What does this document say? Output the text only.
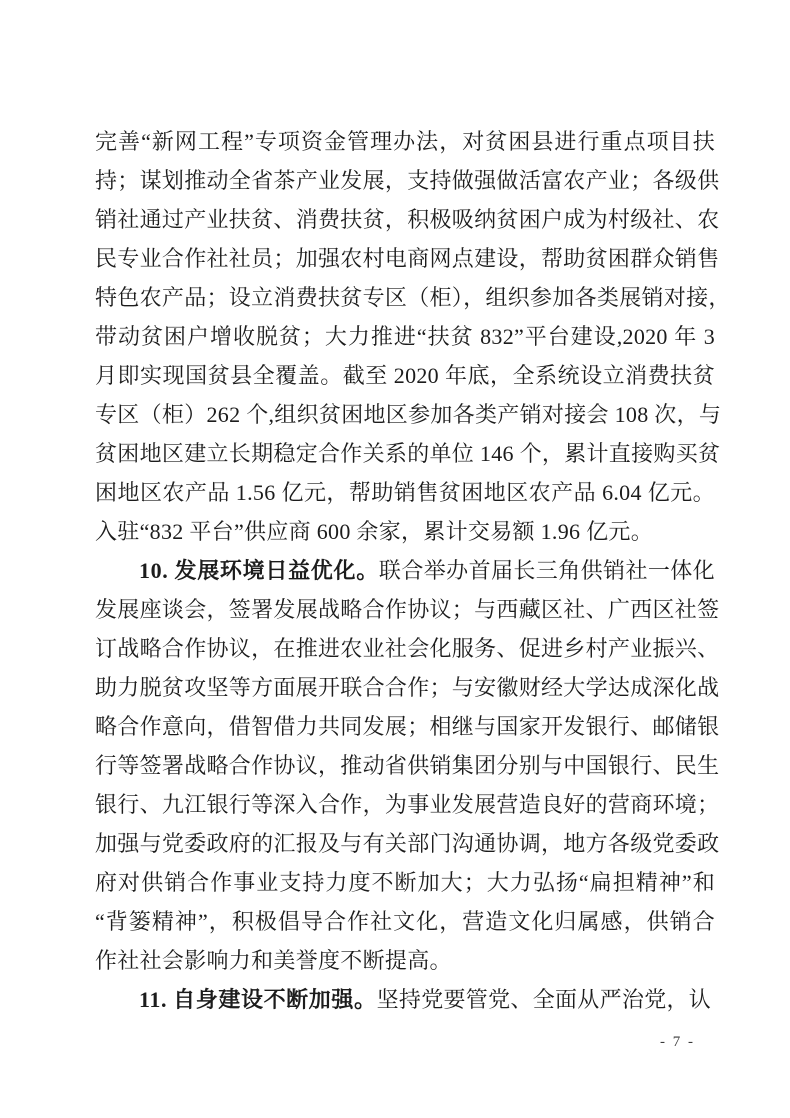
完善“新网工程”专项资金管理办法，对贫困县进行重点项目扶
持；谋划推动全省茶产业发展，支持做强做活富农产业；各级供
销社通过产业扶贫、消费扶贫，积极吸纳贫困户成为村级社、农
民专业合作社社员；加强农村电商网点建设，帮助贫困群众销售
特色农产品；设立消费扶贫专区（柜），组织参加各类展销对接，
带动贫困户增收脱贫；大力推进“扶贫 832”平台建设,2020 年 3
月即实现国贫县全覆盖。截至 2020 年底，全系统设立消费扶贫
专区（柜）262 个,组织贫困地区参加各类产销对接会 108 次，与
贫困地区建立长期稳定合作关系的单位 146 个，累计直接购买贫
困地区农产品 1.56 亿元，帮助销售贫困地区农产品 6.04 亿元。
入驻“832 平台”供应商 600 余家，累计交易额 1.96 亿元。
10. 发展环境日益优化。联合举办首届长三角供销社一体化
发展座谈会，签署发展战略合作协议；与西藏区社、广西区社签
订战略合作协议，在推进农业社会化服务、促进乡村产业振兴、
助力脱贫攻坚等方面展开联合合作；与安徽财经大学达成深化战
略合作意向，借智借力共同发展；相继与国家开发银行、邮储银
行等签署战略合作协议，推动省供销集团分别与中国银行、民生
银行、九江银行等深入合作，为事业发展营造良好的营商环境；
加强与党委政府的汇报及与有关部门沟通协调，地方各级党委政
府对供销合作事业支持力度不断加大；大力弘扬“扁担精神”和
“背篓精神”，积极倡导合作社文化，营造文化归属感，供销合
作社社会影响力和美誉度不断提高。
11. 自身建设不断加强。坚持党要管党、全面从严治党，认
- 7 -
